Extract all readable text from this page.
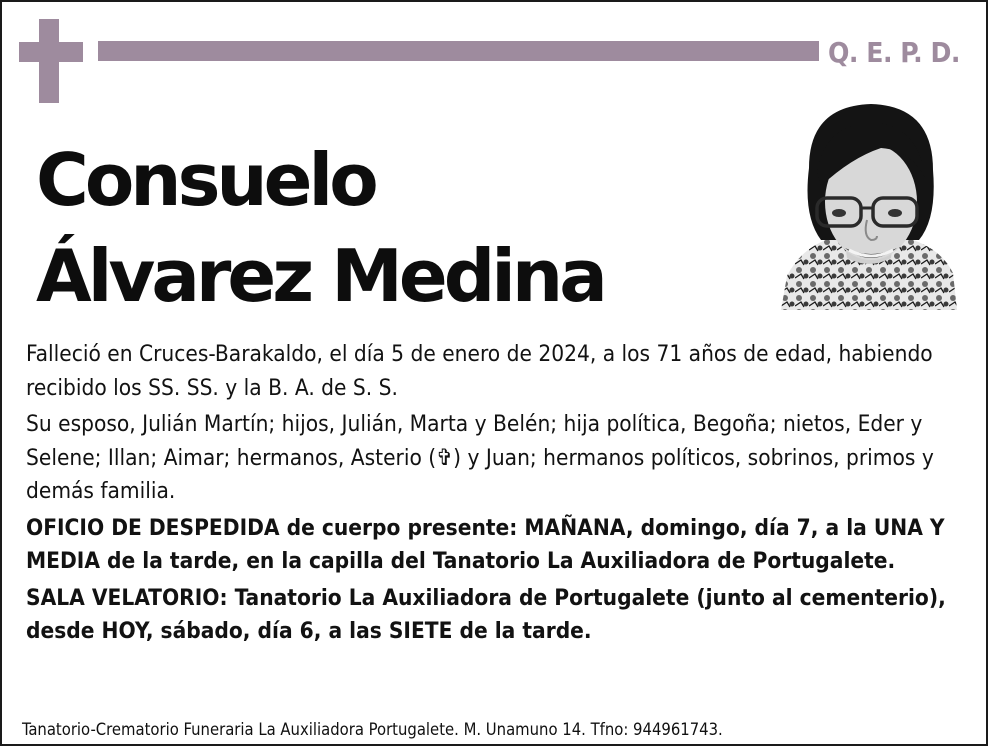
Q. E. P. D.
Consuelo
Álvarez Medina

Falleció en Cruces-Barakaldo, el día 5 de enero de 2024, a los 71 años de edad, habiendo recibido los SS. SS. y la B. A. de S. S.

Su esposo, Julián Martín; hijos, Julián, Marta y Belén; hija política, Begoña; nietos, Eder y Selene; Illan; Aimar; hermanos, Asterio (✞) y Juan; hermanos políticos, sobrinos, primos y demás familia.

OFICIO DE DESPEDIDA de cuerpo presente: MAÑANA, domingo, día 7, a la UNA Y MEDIA de la tarde, en la capilla del Tanatorio La Auxiliadora de Portugalete.

SALA VELATORIO: Tanatorio La Auxiliadora de Portugalete (junto al cementerio), desde HOY, sábado, día 6, a las SIETE de la tarde.

Tanatorio-Crematorio Funeraria La Auxiliadora Portugalete. M. Unamuno 14. Tfno: 944961743.
